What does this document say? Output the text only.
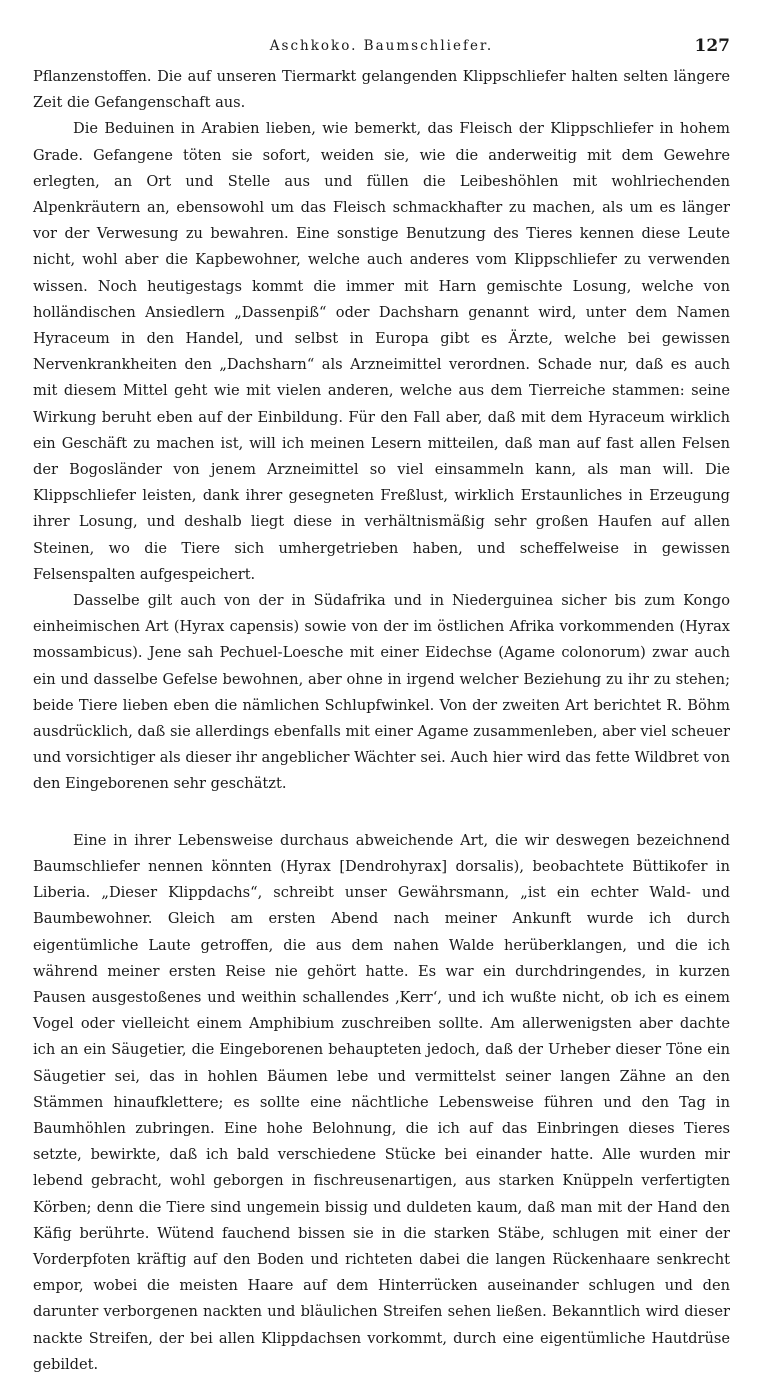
Aschkoko. Baumschliefer.	127

Pflanzenstoffen. Die auf unseren Tiermarkt gelangenden Klippschliefer halten selten längere Zeit die Gefangenschaft aus.

Die Beduinen in Arabien lieben, wie bemerkt, das Fleisch der Klippschliefer in hohem Grade. Gefangene töten sie sofort, weiden sie, wie die anderweitig mit dem Gewehre erlegten, an Ort und Stelle aus und füllen die Leibeshöhlen mit wohlriechenden Alpenkräutern an, ebensowohl um das Fleisch schmackhafter zu machen, als um es länger vor der Verwesung zu bewahren. Eine sonstige Benutzung des Tieres kennen diese Leute nicht, wohl aber die Kapbewohner, welche auch anderes vom Klippschliefer zu verwenden wissen. Noch heutigestags kommt die immer mit Harn gemischte Losung, welche von holländischen Ansiedlern „Dassenpiß“ oder Dachsharn genannt wird, unter dem Namen Hyraceum in den Handel, und selbst in Europa gibt es Ärzte, welche bei gewissen Nervenkrankheiten den „Dachsharn“ als Arzneimittel verordnen. Schade nur, daß es auch mit diesem Mittel geht wie mit vielen anderen, welche aus dem Tierreiche stammen: seine Wirkung beruht eben auf der Einbildung. Für den Fall aber, daß mit dem Hyraceum wirklich ein Geschäft zu machen ist, will ich meinen Lesern mitteilen, daß man auf fast allen Felsen der Bogosländer von jenem Arzneimittel so viel einsammeln kann, als man will. Die Klippschliefer leisten, dank ihrer gesegneten Freßlust, wirklich Erstaunliches in Erzeugung ihrer Losung, und deshalb liegt diese in verhältnismäßig sehr großen Haufen auf allen Steinen, wo die Tiere sich umhergetrieben haben, und scheffelweise in gewissen Felsenspalten aufgespeichert.

Dasselbe gilt auch von der in Südafrika und in Niederguinea sicher bis zum Kongo einheimischen Art (Hyrax capensis) sowie von der im östlichen Afrika vorkommenden (Hyrax mossambicus). Jene sah Pechuel-Loesche mit einer Eidechse (Agame colonorum) zwar auch ein und dasselbe Gefelse bewohnen, aber ohne in irgend welcher Beziehung zu ihr zu stehen; beide Tiere lieben eben die nämlichen Schlupfwinkel. Von der zweiten Art berichtet R. Böhm ausdrücklich, daß sie allerdings ebenfalls mit einer Agame zusammenleben, aber viel scheuer und vorsichtiger als dieser ihr angeblicher Wächter sei. Auch hier wird das fette Wildbret von den Eingeborenen sehr geschätzt.

Eine in ihrer Lebensweise durchaus abweichende Art, die wir deswegen bezeichnend Baumschliefer nennen könnten (Hyrax [Dendrohyrax] dorsalis), beobachtete Büttikofer in Liberia. „Dieser Klippdachs“, schreibt unser Gewährsmann, „ist ein echter Wald- und Baumbewohner. Gleich am ersten Abend nach meiner Ankunft wurde ich durch eigentümliche Laute getroffen, die aus dem nahen Walde herüberklangen, und die ich während meiner ersten Reise nie gehört hatte. Es war ein durchdringendes, in kurzen Pausen ausgestoßenes und weithin schallendes ‚Kerr‘, und ich wußte nicht, ob ich es einem Vogel oder vielleicht einem Amphibium zuschreiben sollte. Am allerwenigsten aber dachte ich an ein Säugetier, die Eingeborenen behaupteten jedoch, daß der Urheber dieser Töne ein Säugetier sei, das in hohlen Bäumen lebe und vermittelst seiner langen Zähne an den Stämmen hinaufklettere; es sollte eine nächtliche Lebensweise führen und den Tag in Baumhöhlen zubringen. Eine hohe Belohnung, die ich auf das Einbringen dieses Tieres setzte, bewirkte, daß ich bald verschiedene Stücke bei einander hatte. Alle wurden mir lebend gebracht, wohl geborgen in fischreusenartigen, aus starken Knüppeln verfertigten Körben; denn die Tiere sind ungemein bissig und duldeten kaum, daß man mit der Hand den Käfig berührte. Wütend fauchend bissen sie in die starken Stäbe, schlugen mit einer der Vorderpfoten kräftig auf den Boden und richteten dabei die langen Rückenhaare senkrecht empor, wobei die meisten Haare auf dem Hinterrücken auseinander schlugen und den darunter verborgenen nackten und bläulichen Streifen sehen ließen. Bekanntlich wird dieser nackte Streifen, der bei allen Klippdachsen vorkommt, durch eine eigentümliche Hautdrüse gebildet.
